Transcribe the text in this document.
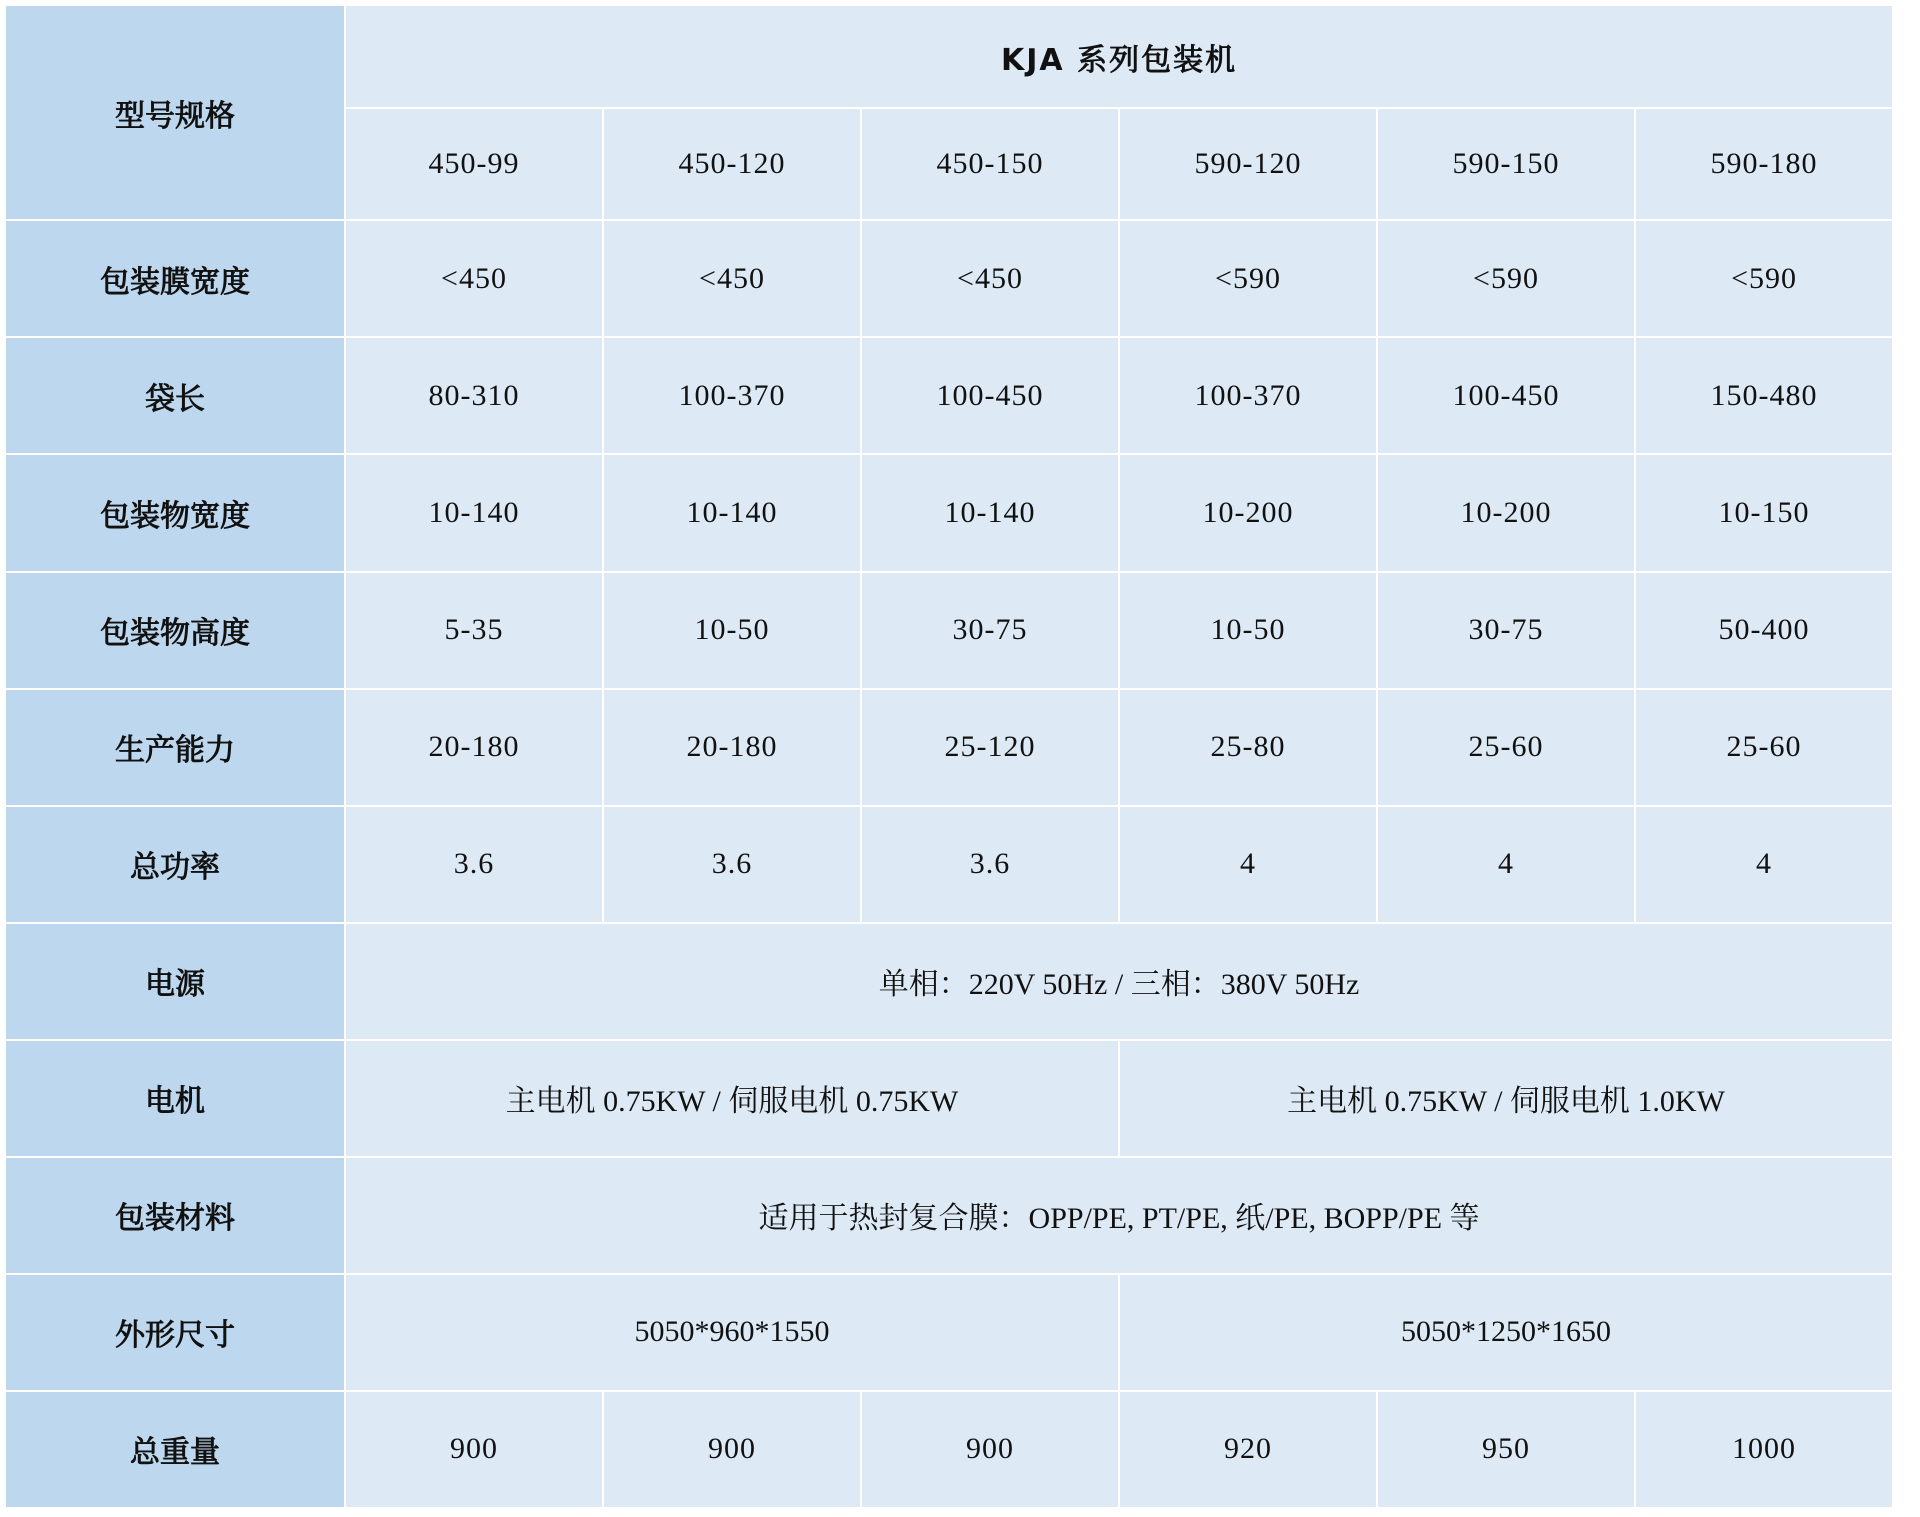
型号规格	KJA 系列包装机					
	450-99	450-120	450-150	590-120	590-150	590-180
包装膜宽度	<450	<450	<450	<590	<590	<590
袋长	80-310	100-370	100-450	100-370	100-450	150-480
包装物宽度	10-140	10-140	10-140	10-200	10-200	10-150
包装物高度	5-35	10-50	30-75	10-50	30-75	50-400
生产能力	20-180	20-180	25-120	25-80	25-60	25-60
总功率	3.6	3.6	3.6	4	4	4
电源	单相：220V 50Hz / 三相：380V 50Hz					
电机	主电机 0.75KW / 伺服电机 0.75KW			主电机 0.75KW / 伺服电机 1.0KW		
包装材料	适用于热封复合膜：OPP/PE, PT/PE, 纸/PE, BOPP/PE 等					
外形尺寸	5050*960*1550			5050*1250*1650		
总重量	900	900	900	920	950	1000
